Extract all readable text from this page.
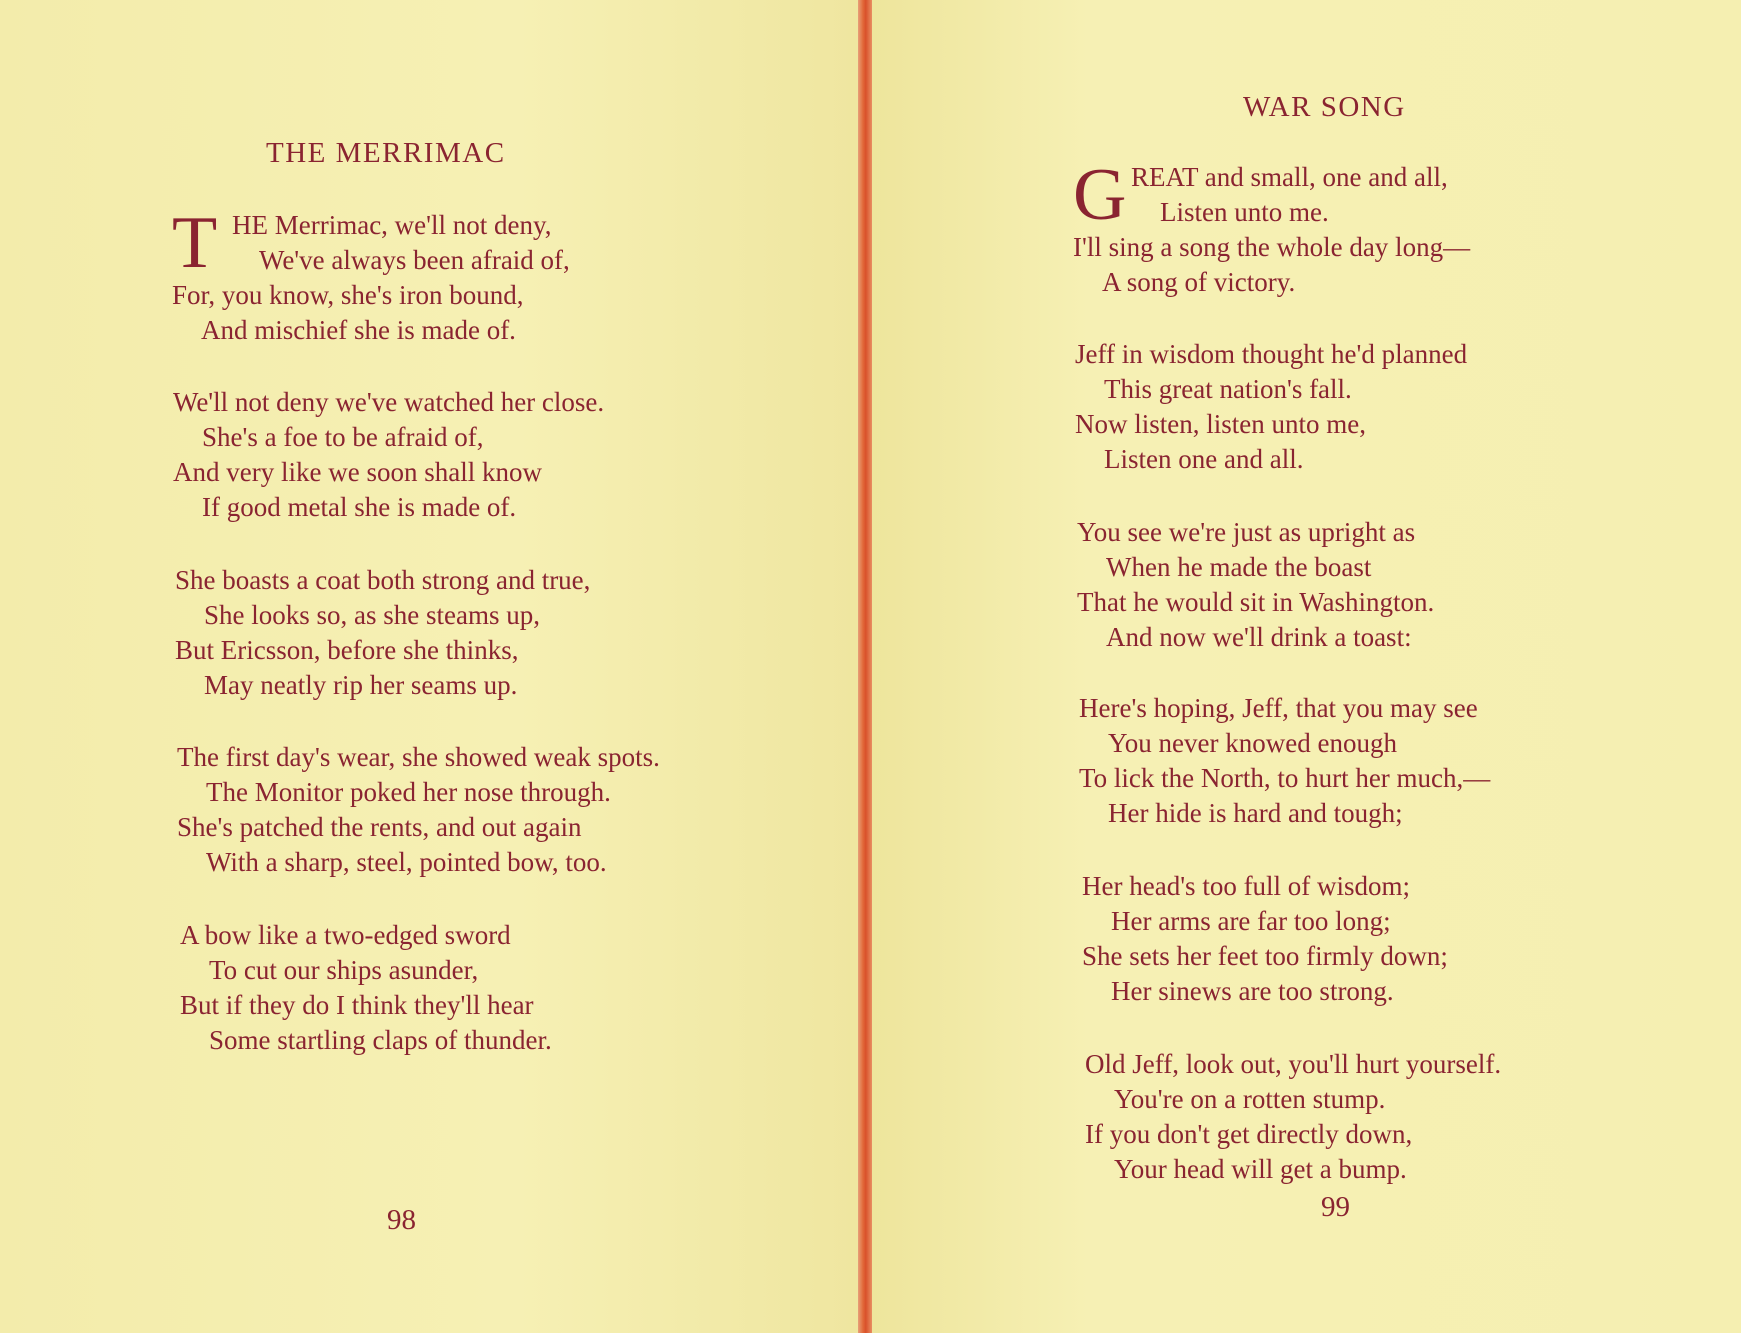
THE MERRIMAC
T HE Merrimac, we'll not deny,
We've always been afraid of,
For, you know, she's iron bound,
And mischief she is made of.
We'll not deny we've watched her close.
She's a foe to be afraid of,
And very like we soon shall know
If good metal she is made of.
She boasts a coat both strong and true,
She looks so, as she steams up,
But Ericsson, before she thinks,
May neatly rip her seams up.
The first day's wear, she showed weak spots.
The Monitor poked her nose through.
She's patched the rents, and out again
With a sharp, steel, pointed bow, too.
A bow like a two-edged sword
To cut our ships asunder,
But if they do I think they'll hear
Some startling claps of thunder.
98
WAR SONG
G REAT and small, one and all,
Listen unto me.
I'll sing a song the whole day long—
A song of victory.
Jeff in wisdom thought he'd planned
This great nation's fall.
Now listen, listen unto me,
Listen one and all.
You see we're just as upright as
When he made the boast
That he would sit in Washington.
And now we'll drink a toast:
Here's hoping, Jeff, that you may see
You never knowed enough
To lick the North, to hurt her much,—
Her hide is hard and tough;
Her head's too full of wisdom;
Her arms are far too long;
She sets her feet too firmly down;
Her sinews are too strong.
Old Jeff, look out, you'll hurt yourself.
You're on a rotten stump.
If you don't get directly down,
Your head will get a bump.
99
